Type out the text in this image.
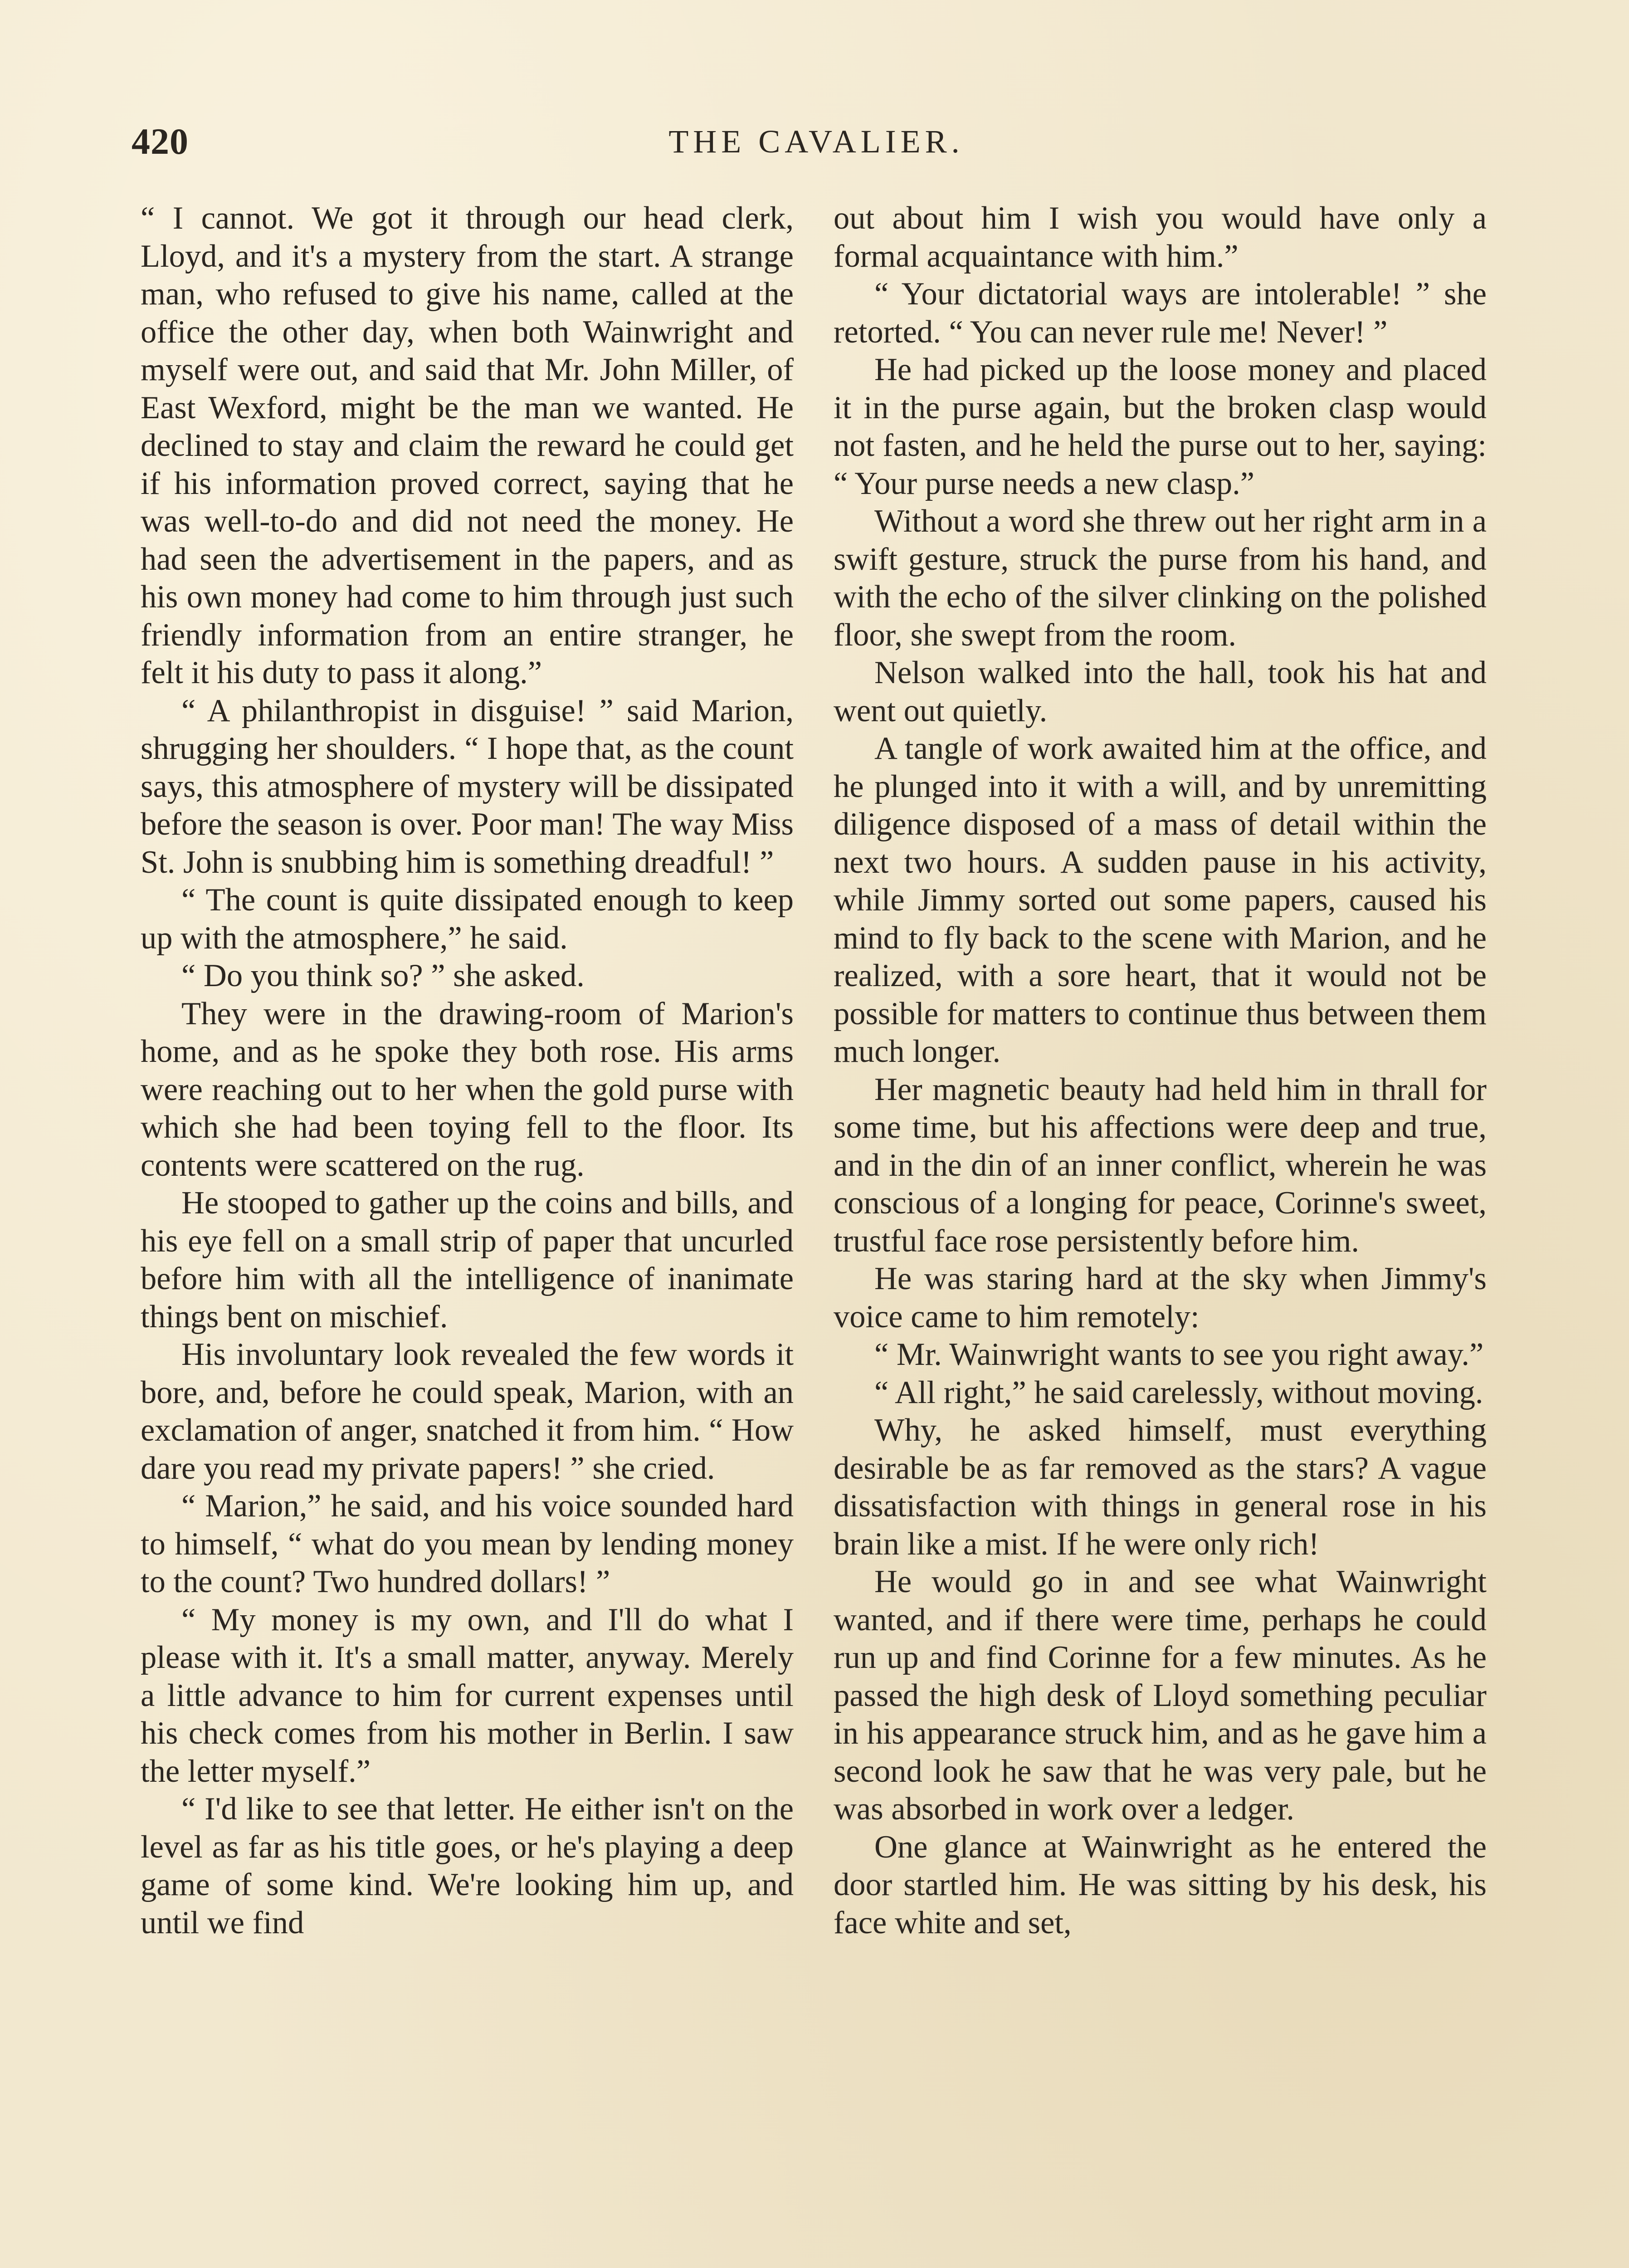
420	THE CAVALIER.

“ I cannot. We got it through our head clerk, Lloyd, and it's a mystery from the start. A strange man, who refused to give his name, called at the office the other day, when both Wainwright and myself were out, and said that Mr. John Miller, of East Wexford, might be the man we wanted. He declined to stay and claim the reward he could get if his information proved correct, saying that he was well-to-do and did not need the money. He had seen the advertisement in the papers, and as his own money had come to him through just such friendly information from an entire stranger, he felt it his duty to pass it along.”

“ A philanthropist in disguise! ” said Marion, shrugging her shoulders. “ I hope that, as the count says, this atmosphere of mystery will be dissipated before the season is over. Poor man! The way Miss St. John is snubbing him is something dreadful! ”

“ The count is quite dissipated enough to keep up with the atmosphere,” he said.

“ Do you think so? ” she asked.

They were in the drawing-room of Marion's home, and as he spoke they both rose. His arms were reaching out to her when the gold purse with which she had been toying fell to the floor. Its contents were scattered on the rug.

He stooped to gather up the coins and bills, and his eye fell on a small strip of paper that uncurled before him with all the intelligence of inanimate things bent on mischief.

His involuntary look revealed the few words it bore, and, before he could speak, Marion, with an exclamation of anger, snatched it from him. “ How dare you read my private papers! ” she cried.

“ Marion,” he said, and his voice sounded hard to himself, “ what do you mean by lending money to the count? Two hundred dollars! ”

“ My money is my own, and I'll do what I please with it. It's a small matter, anyway. Merely a little advance to him for current expenses until his check comes from his mother in Berlin. I saw the letter myself.”

“ I'd like to see that letter. He either isn't on the level as far as his title goes, or he's playing a deep game of some kind. We're looking him up, and until we find

out about him I wish you would have only a formal acquaintance with him.”

“ Your dictatorial ways are intolerable! ” she retorted. “ You can never rule me! Never! ”

He had picked up the loose money and placed it in the purse again, but the broken clasp would not fasten, and he held the purse out to her, saying: “ Your purse needs a new clasp.”

Without a word she threw out her right arm in a swift gesture, struck the purse from his hand, and with the echo of the silver clinking on the polished floor, she swept from the room.

Nelson walked into the hall, took his hat and went out quietly.

A tangle of work awaited him at the office, and he plunged into it with a will, and by unremitting diligence disposed of a mass of detail within the next two hours. A sudden pause in his activity, while Jimmy sorted out some papers, caused his mind to fly back to the scene with Marion, and he realized, with a sore heart, that it would not be possible for matters to continue thus between them much longer.

Her magnetic beauty had held him in thrall for some time, but his affections were deep and true, and in the din of an inner conflict, wherein he was conscious of a longing for peace, Corinne's sweet, trustful face rose persistently before him.

He was staring hard at the sky when Jimmy's voice came to him remotely:

“ Mr. Wainwright wants to see you right away.”

“ All right,” he said carelessly, without moving.

Why, he asked himself, must everything desirable be as far removed as the stars? A vague dissatisfaction with things in general rose in his brain like a mist. If he were only rich!

He would go in and see what Wainwright wanted, and if there were time, perhaps he could run up and find Corinne for a few minutes. As he passed the high desk of Lloyd something peculiar in his appearance struck him, and as he gave him a second look he saw that he was very pale, but he was absorbed in work over a ledger.

One glance at Wainwright as he entered the door startled him. He was sitting by his desk, his face white and set,
